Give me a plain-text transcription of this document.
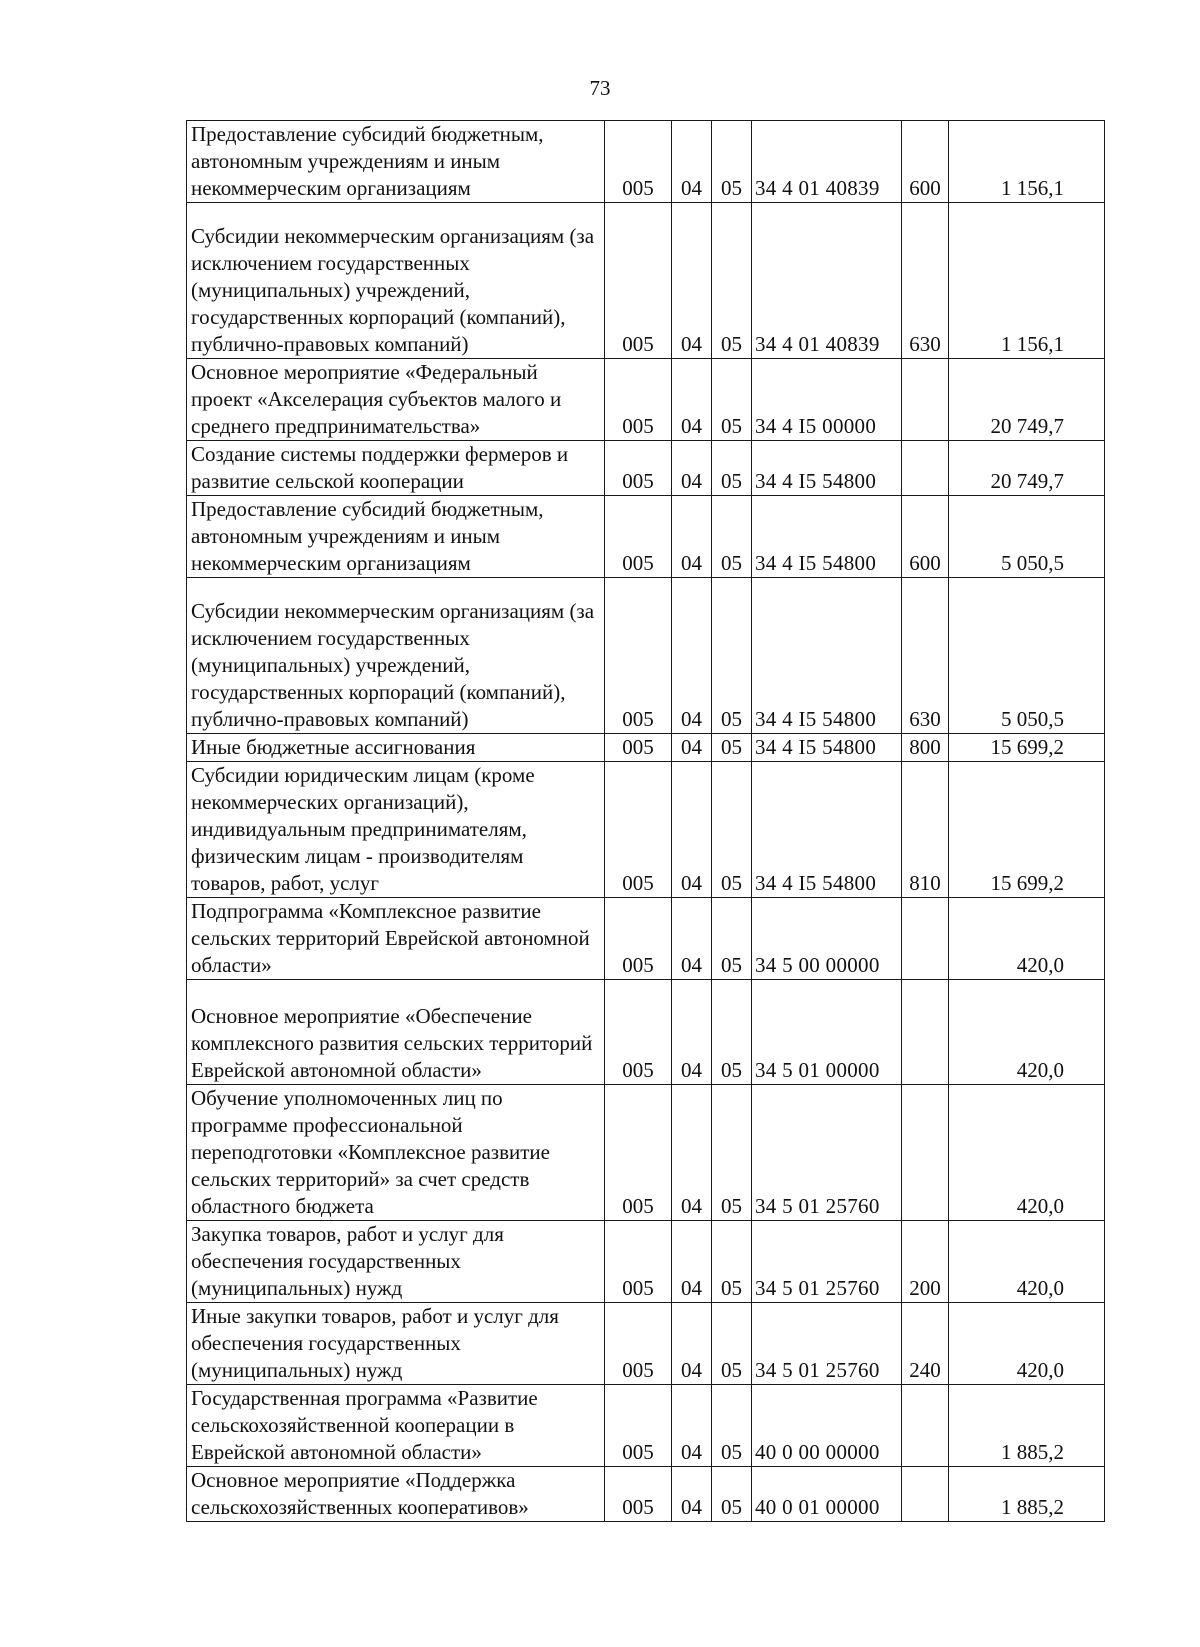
73
Предоставление субсидий бюджетным, автономным учреждениям и иным некоммерческим организациям	005	04	05	34 4 01 40839	600	1 156,1
Субсидии некоммерческим организациям (за исключением государственных (муниципальных) учреждений, государственных корпораций (компаний), публично-правовых компаний)	005	04	05	34 4 01 40839	630	1 156,1
Основное мероприятие «Федеральный проект «Акселерация субъектов малого и среднего предпринимательства»	005	04	05	34 4 I5 00000		20 749,7
Создание системы поддержки фермеров и развитие сельской кооперации	005	04	05	34 4 I5 54800		20 749,7
Предоставление субсидий бюджетным, автономным учреждениям и иным некоммерческим организациям	005	04	05	34 4 I5 54800	600	5 050,5
Субсидии некоммерческим организациям (за исключением государственных (муниципальных) учреждений, государственных корпораций (компаний), публично-правовых компаний)	005	04	05	34 4 I5 54800	630	5 050,5
Иные бюджетные ассигнования	005	04	05	34 4 I5 54800	800	15 699,2
Субсидии юридическим лицам (кроме некоммерческих организаций), индивидуальным предпринимателям, физическим лицам - производителям товаров, работ, услуг	005	04	05	34 4 I5 54800	810	15 699,2
Подпрограмма «Комплексное развитие сельских территорий Еврейской автономной области»	005	04	05	34 5 00 00000		420,0
Основное мероприятие «Обеспечение комплексного развития сельских территорий Еврейской автономной области»	005	04	05	34 5 01 00000		420,0
Обучение уполномоченных лиц по программе профессиональной переподготовки «Комплексное развитие сельских территорий» за счет средств областного бюджета	005	04	05	34 5 01 25760		420,0
Закупка товаров, работ и услуг для обеспечения государственных (муниципальных) нужд	005	04	05	34 5 01 25760	200	420,0
Иные закупки товаров, работ и услуг для обеспечения государственных (муниципальных) нужд	005	04	05	34 5 01 25760	240	420,0
Государственная программа «Развитие сельскохозяйственной кооперации в Еврейской автономной области»	005	04	05	40 0 00 00000		1 885,2
Основное мероприятие «Поддержка сельскохозяйственных кооперативов»	005	04	05	40 0 01 00000		1 885,2
